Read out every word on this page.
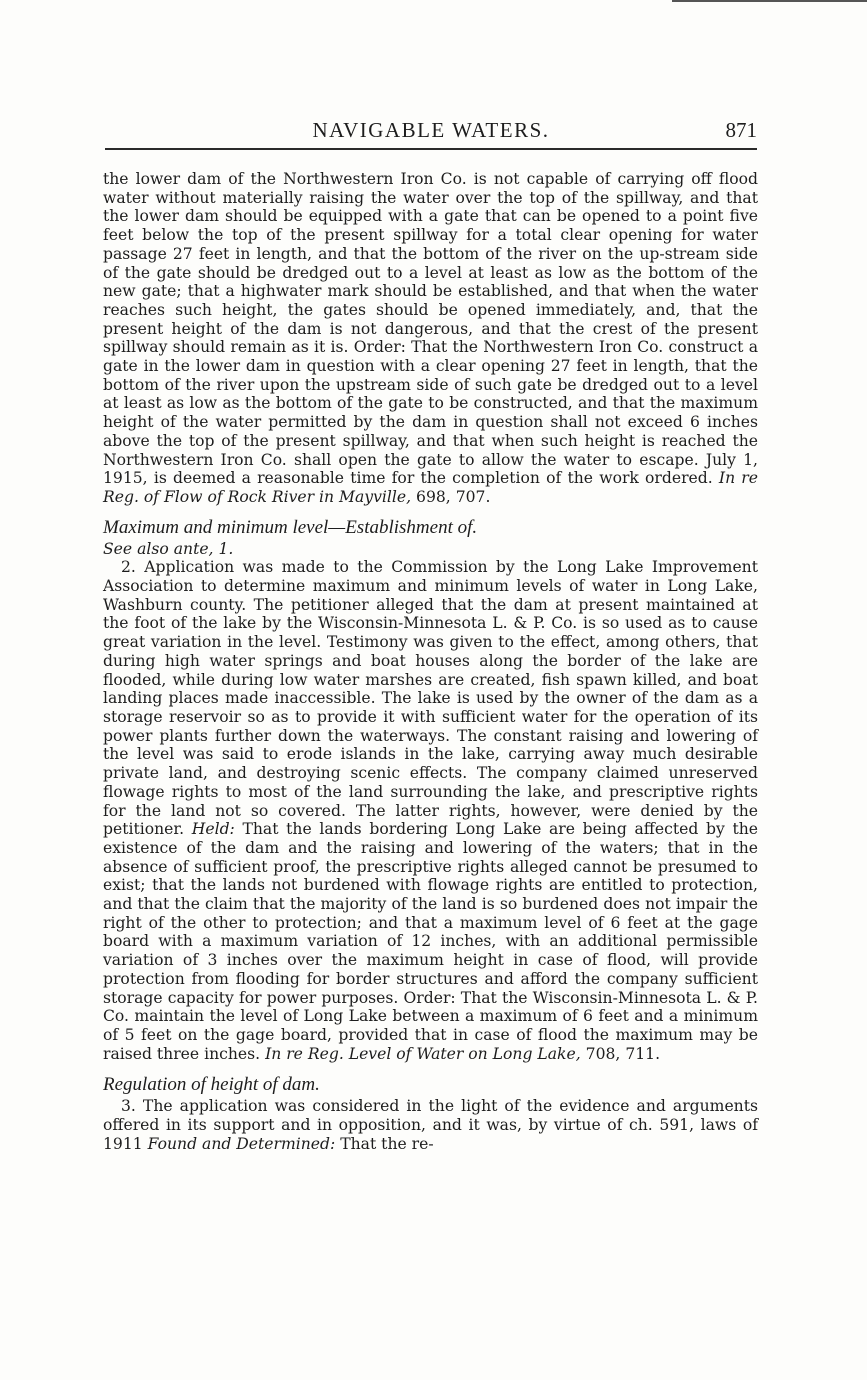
NAVIGABLE WATERS.	871

the lower dam of the Northwestern Iron Co. is not capable of carrying off flood water without materially raising the water over the top of the spillway, and that the lower dam should be equipped with a gate that can be opened to a point five feet below the top of the present spillway for a total clear opening for water passage 27 feet in length, and that the bottom of the river on the up-stream side of the gate should be dredged out to a level at least as low as the bottom of the new gate; that a highwater mark should be established, and that when the water reaches such height, the gates should be opened immediately, and, that the present height of the dam is not dangerous, and that the crest of the present spillway should remain as it is. Order: That the Northwestern Iron Co. construct a gate in the lower dam in question with a clear opening 27 feet in length, that the bottom of the river upon the upstream side of such gate be dredged out to a level at least as low as the bottom of the gate to be constructed, and that the maximum height of the water permitted by the dam in question shall not exceed 6 inches above the top of the present spillway, and that when such height is reached the Northwestern Iron Co. shall open the gate to allow the water to escape. July 1, 1915, is deemed a reasonable time for the completion of the work ordered. In re Reg. of Flow of Rock River in Mayville, 698, 707.

Maximum and minimum level—Establishment of.
See also ante, 1.

2. Application was made to the Commission by the Long Lake Improvement Association to determine maximum and minimum levels of water in Long Lake, Washburn county. The petitioner alleged that the dam at present maintained at the foot of the lake by the Wisconsin-Minnesota L. & P. Co. is so used as to cause great variation in the level. Testimony was given to the effect, among others, that during high water springs and boat houses along the border of the lake are flooded, while during low water marshes are created, fish spawn killed, and boat landing places made inaccessible. The lake is used by the owner of the dam as a storage reservoir so as to provide it with sufficient water for the operation of its power plants further down the waterways. The constant raising and lowering of the level was said to erode islands in the lake, carrying away much desirable private land, and destroying scenic effects. The company claimed unreserved flowage rights to most of the land surrounding the lake, and prescriptive rights for the land not so covered. The latter rights, however, were denied by the petitioner. Held: That the lands bordering Long Lake are being affected by the existence of the dam and the raising and lowering of the waters; that in the absence of sufficient proof, the prescriptive rights alleged cannot be presumed to exist; that the lands not burdened with flowage rights are entitled to protection, and that the claim that the majority of the land is so burdened does not impair the right of the other to protection; and that a maximum level of 6 feet at the gage board with a maximum variation of 12 inches, with an additional permissible variation of 3 inches over the maximum height in case of flood, will provide protection from flooding for border structures and afford the company sufficient storage capacity for power purposes. Order: That the Wisconsin-Minnesota L. & P. Co. maintain the level of Long Lake between a maximum of 6 feet and a minimum of 5 feet on the gage board, provided that in case of flood the maximum may be raised three inches. In re Reg. Level of Water on Long Lake, 708, 711.

Regulation of height of dam.

3. The application was considered in the light of the evidence and arguments offered in its support and in opposition, and it was, by virtue of ch. 591, laws of 1911 Found and Determined: That the re-
